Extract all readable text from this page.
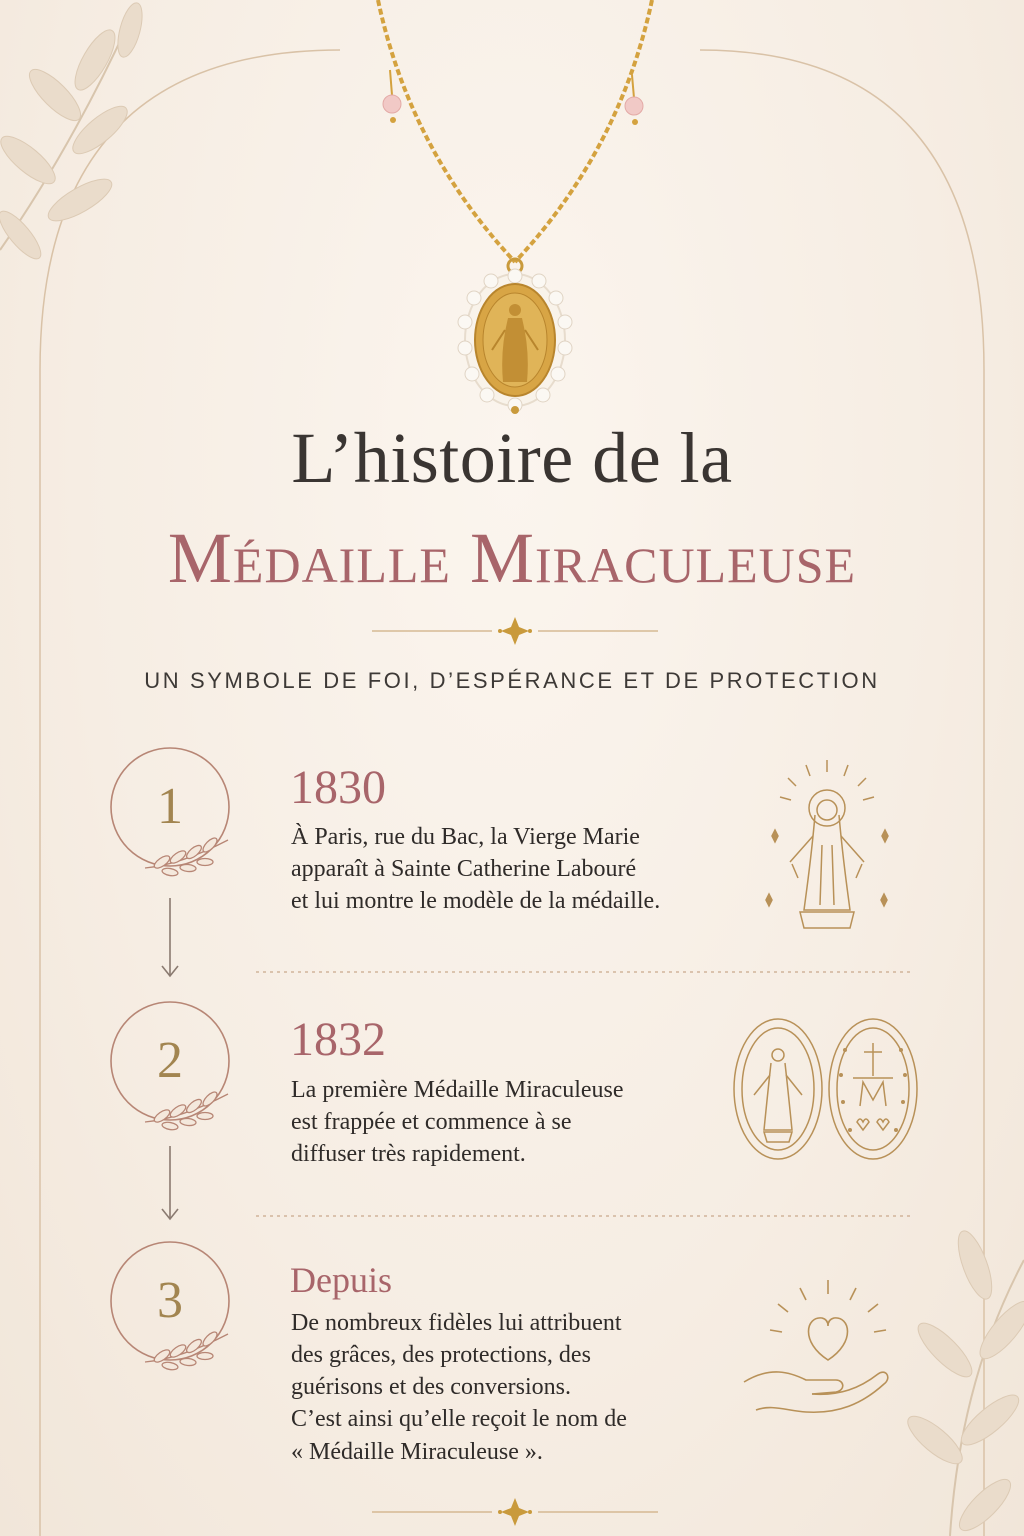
L’histoire de la
Médaille Miraculeuse
UN SYMBOLE DE FOI, D’ESPÉRANCE ET DE PROTECTION
1	1830
À Paris, rue du Bac, la Vierge Marie
apparaît à Sainte Catherine Labouré
et lui montre le modèle de la médaille.
2	1832
La première Médaille Miraculeuse
est frappée et commence à se
diffuser très rapidement.
3	Depuis
De nombreux fidèles lui attribuent
des grâces, des protections, des
guérisons et des conversions.
C’est ainsi qu’elle reçoit le nom de
« Médaille Miraculeuse ».
